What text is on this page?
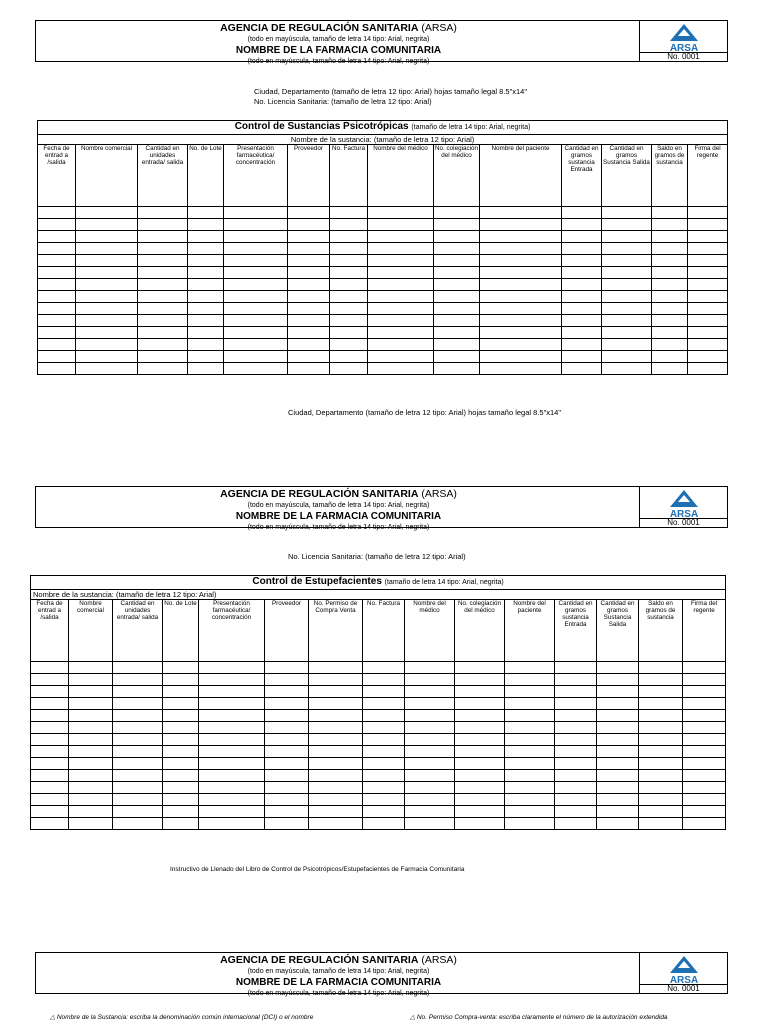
AGENCIA DE REGULACIÓN SANITARIA (ARSA)
(todo en mayúscula, tamaño de letra 14 tipo: Arial, negrita)
NOMBRE DE LA FARMACIA COMUNITARIA
(todo en mayúscula, tamaño de letra 14 tipo: Arial, negrita)
ARSA
No. 0001
Ciudad, Departamento (tamaño de letra 12 tipo: Arial) hojas tamaño legal 8.5"x14"
No. Licencia Sanitaria: (tamaño de letra 12 tipo: Arial)
Control de Sustancias Psicotrópicas (tamaño de letra 14 tipo: Arial, negrita)													
Nombre de la sustancia: (tamaño de letra 12 tipo: Arial)													
Fecha de entrad a /salida	Nombre comercial	Cantidad en unidades entrada/ salida	No. de Lote	Presentación farmacéutica/ concentración	Proveedor	No. Factura	Nombre del médico	No. colegiación del médico	Nombre del paciente	Cantidad en gramos sustancia Entrada	Cantidad en gramos Sustancia Salida	Saldo en gramos de sustancia	Firma del regente

Ciudad, Departamento (tamaño de letra 12 tipo: Arial) hojas tamaño legal 8.5"x14"
AGENCIA DE REGULACIÓN SANITARIA (ARSA)
(todo en mayúscula, tamaño de letra 14 tipo: Arial, negrita)
NOMBRE DE LA FARMACIA COMUNITARIA
(todo en mayúscula, tamaño de letra 14 tipo: Arial, negrita)
ARSA
No. 0001
No. Licencia Sanitaria: (tamaño de letra 12 tipo: Arial)
Control de Estupefacientes (tamaño de letra 14 tipo: Arial, negrita)														
Nombre de la sustancia: (tamaño de letra 12 tipo: Arial)														
Fecha de entrad a /salida	Nombre comercial	Cantidad en unidades entrada/ salida	No. de Lote	Presentación farmacéutica/ concentración	Proveedor	No. Permiso de Compra Venta	No. Factura	Nombre del médico	No. colegiación del médico	Nombre del paciente	Cantidad en gramos sustancia Entrada	Cantidad en gramos Sustancia Salida	Saldo en gramos de sustancia	Firma del regente

Instructivo de Llenado del Libro de Control de Psicotrópicos/Estupefacientes de Farmacia Comunitaria
AGENCIA DE REGULACIÓN SANITARIA (ARSA)
(todo en mayúscula, tamaño de letra 14 tipo: Arial, negrita)
NOMBRE DE LA FARMACIA COMUNITARIA
(todo en mayúscula, tamaño de letra 14 tipo: Arial, negrita)
ARSA
No. 0001
△ Nombre de la Sustancia: escriba la denominación común internacional (DCI) o el nombre	△ No. Permiso Compra-venta: escriba claramente el número de la autorización extendida
